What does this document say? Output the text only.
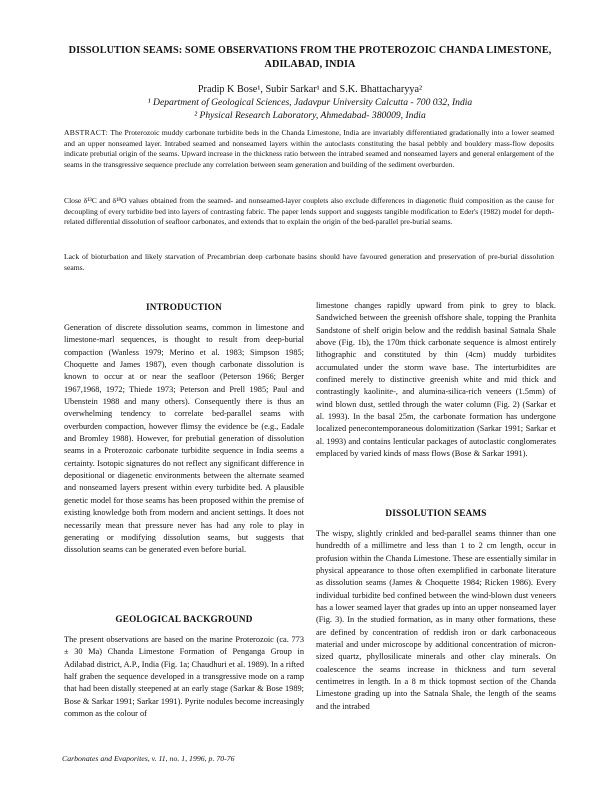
DISSOLUTION SEAMS: SOME OBSERVATIONS FROM THE PROTEROZOIC CHANDA LIMESTONE,
ADILABAD, INDIA
Pradip K Bose¹, Subir Sarkar¹ and S.K. Bhattacharyya²
¹ Department of Geological Sciences, Jadavpur University Calcutta - 700 032, India
² Physical Research Laboratory, Ahmedabad- 380009, India
ABSTRACT: The Proterozoic muddy carbonate turbidite beds in the Chanda Limestone, India are invariably differentiated gradationally into a lower seamed and an upper nonseamed layer. Intrabed seamed and nonseamed layers within the autoclasts constituting the basal pebbly and bouldery mass-flow deposits indicate prebutial origin of the seams. Upward increase in the thickness ratio between the intrabed seamed and nonseamed layers and general enlargement of the seams in the transgressive sequence preclude any correlation between seam generation and building of the sediment overburden.
Close δ¹³C and δ¹⁸O values obtained from the seamed- and nonseamed-layer couplets also exclude differences in diagenetic fluid composition as the cause for decoupling of every turbidite bed into layers of contrasting fabric. The paper lends support and suggests tangible modification to Eder's (1982) model for depth-related differential dissolution of seafloor carbonates, and extends that to explain the origin of the bed-parallel pre-burial seams.
Lack of bioturbation and likely starvation of Precambrian deep carbonate basins should have favoured generation and preservation of pre-burial dissolution seams.
INTRODUCTION
Generation of discrete dissolution seams, common in limestone and limestone-marl sequences, is thought to result from deep-burial compaction (Wanless 1979; Merino et al. 1983; Simpson 1985; Choquette and James 1987), even though carbonate dissolution is known to occur at or near the seafloor (Peterson 1966; Berger 1967,1968, 1972; Thiede 1973; Peterson and Prell 1985; Paul and Ubenstein 1988 and many others). Consequently there is thus an overwhelming tendency to correlate bed-parallel seams with overburden compaction, however flimsy the evidence be (e.g., Eadale and Bromley 1988). However, for prebutial generation of dissolution seams in a Proterozoic carbonate turbidite sequence in India seems a certainty. Isotopic signatures do not reflect any significant difference in depositional or diagenetic environments between the alternate seamed and nonseamed layers present within every turbidite bed. A plausible genetic model for those seams has been proposed within the premise of existing knowledge both from modern and ancient settings. It does not necessarily mean that pressure never has had any role to play in generating or modifying dissolution seams, but suggests that dissolution seams can be generated even before burial.
GEOLOGICAL BACKGROUND
The present observations are based on the marine Proterozoic (ca. 773 ± 30 Ma) Chanda Limestone Formation of Penganga Group in Adilabad district, A.P., India (Fig. 1a; Chaudhuri et al. 1989). In a rifted half graben the sequence developed in a transgressive mode on a ramp that had been distally steepened at an early stage (Sarkar & Bose 1989; Bose & Sarkar 1991; Sarkar 1991). Pyrite nodules become increasingly common as the colour of
limestone changes rapidly upward from pink to grey to black. Sandwiched between the greenish offshore shale, topping the Pranhita Sandstone of shelf origin below and the reddish basinal Satnala Shale above (Fig. 1b), the 170m thick carbonate sequence is almost entirely lithographic and constituted by thin (4cm) muddy turbidites accumulated under the storm wave base. The interturbidites are confined merely to distinctive greenish white and mid thick and contrastingly kaolinite-, and alumina-silica-rich veneers (1.5mm) of wind blown dust, settled through the water column (Fig. 2) (Sarkar et al. 1993). In the basal 25m, the carbonate formation has undergone localized penecontemporaneous dolomitization (Sarkar 1991; Sarkar et al. 1993) and contains lenticular packages of autoclastic conglomerates emplaced by varied kinds of mass flows (Bose & Sarkar 1991).
DISSOLUTION SEAMS
The wispy, slightly crinkled and bed-parallel seams thinner than one hundredth of a millimetre and less than 1 to 2 cm length, occur in profusion within the Chanda Limestone. These are essentially similar in physical appearance to those often exemplified in carbonate literature as dissolution seams (James & Choquette 1984; Ricken 1986). Every individual turbidite bed confined between the wind-blown dust veneers has a lower seamed layer that grades up into an upper nonseamed layer (Fig. 3). In the studied formation, as in many other formations, these are defined by concentration of reddish iron or dark carbonaceous material and under microscope by additional concentration of micron- sized quartz, phyllosilicate minerals and other clay minerals. On coalescence the seams increase in thickness and turn several centimetres in length. In a 8 m thick topmost section of the Chanda Limestone grading up into the Satnala Shale, the length of the seams and the intrabed
Carbonates and Evaporites, v. 11, no. 1, 1996, p. 70-76
